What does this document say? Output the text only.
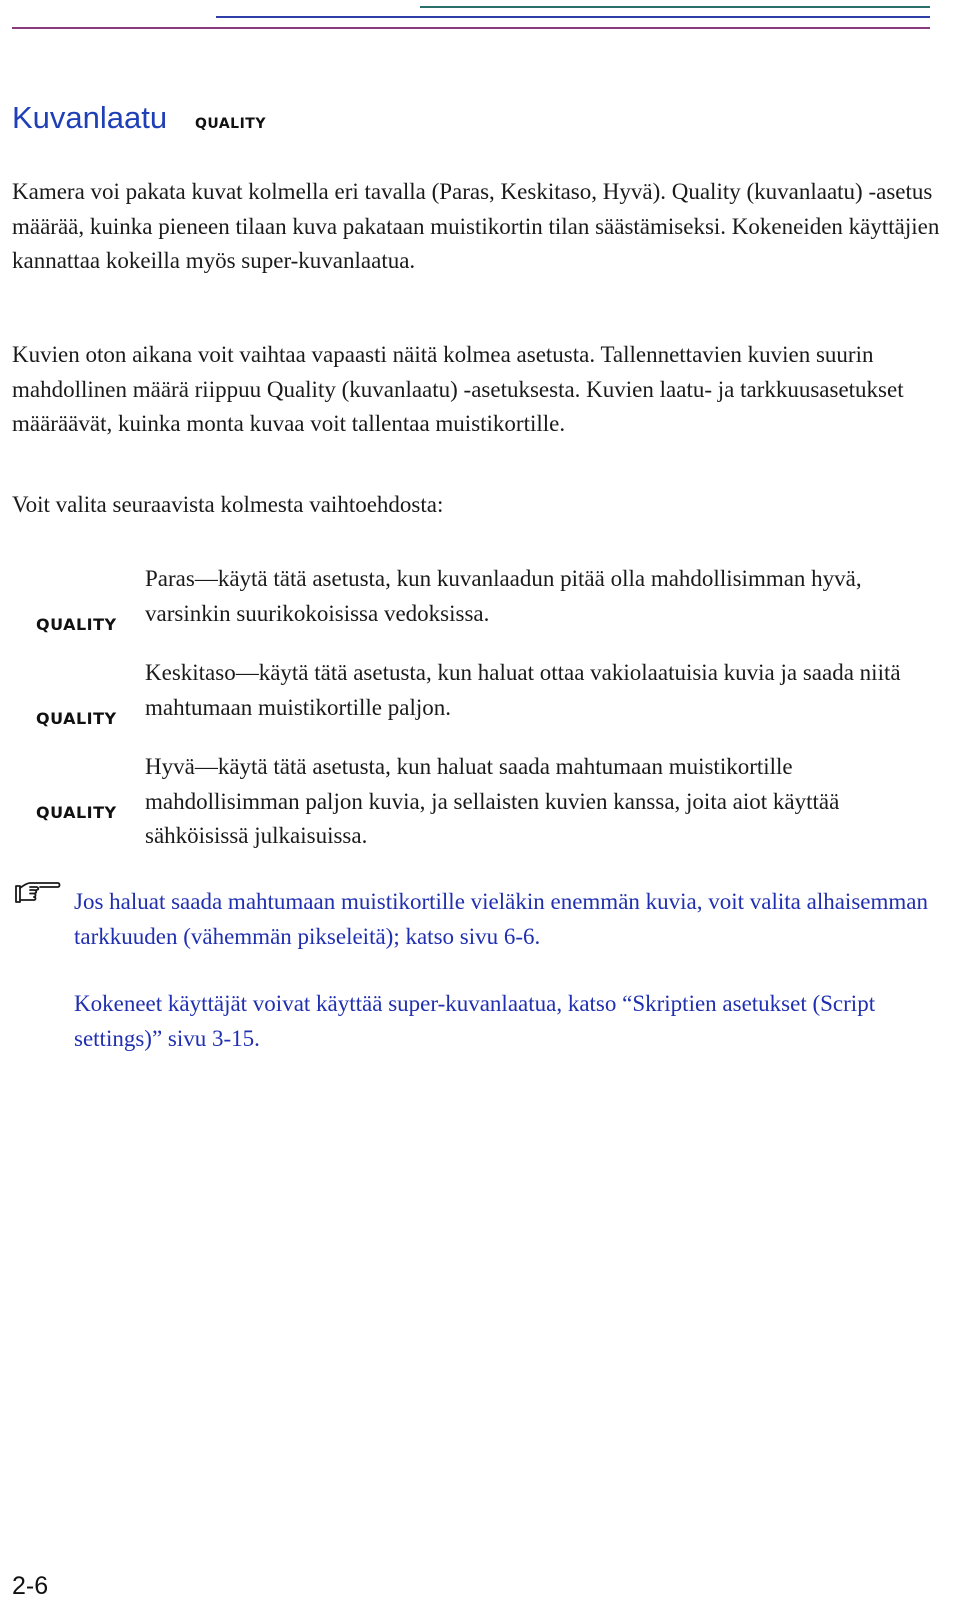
Kuvanlaatu QUALITY

Kamera voi pakata kuvat kolmella eri tavalla (Paras, Keskitaso, Hyvä). Quality (kuvanlaatu) -asetus määrää, kuinka pieneen tilaan kuva pakataan muistikortin tilan säästämiseksi. Kokeneiden käyttäjien kannattaa kokeilla myös super-kuvanlaatua.

Kuvien oton aikana voit vaihtaa vapaasti näitä kolmea asetusta. Tallennettavien kuvien suurin mahdollinen määrä riippuu Quality (kuvanlaatu) -asetuksesta. Kuvien laatu- ja tarkkuusasetukset määräävät, kuinka monta kuvaa voit tallentaa muistikortille.

Voit valita seuraavista kolmesta vaihtoehdosta:

QUALITY

Paras—käytä tätä asetusta, kun kuvanlaadun pitää olla mahdollisimman hyvä, varsinkin suurikokoisissa vedoksissa.

QUALITY

Keskitaso—käytä tätä asetusta, kun haluat ottaa vakiolaatuisia kuvia ja saada niitä mahtumaan muistikortille paljon.

QUALITY

Hyvä—käytä tätä asetusta, kun haluat saada mahtumaan muistikortille mahdollisimman paljon kuvia, ja sellaisten kuvien kanssa, joita aiot käyttää sähköisissä julkaisuissa.

Jos haluat saada mahtumaan muistikortille vieläkin enemmän kuvia, voit valita alhaisemman tarkkuuden (vähemmän pikseleitä); katso sivu 6-6.

Kokeneet käyttäjät voivat käyttää super-kuvanlaatua, katso “Skriptien asetukset (Script settings)” sivu 3-15.

2-6
